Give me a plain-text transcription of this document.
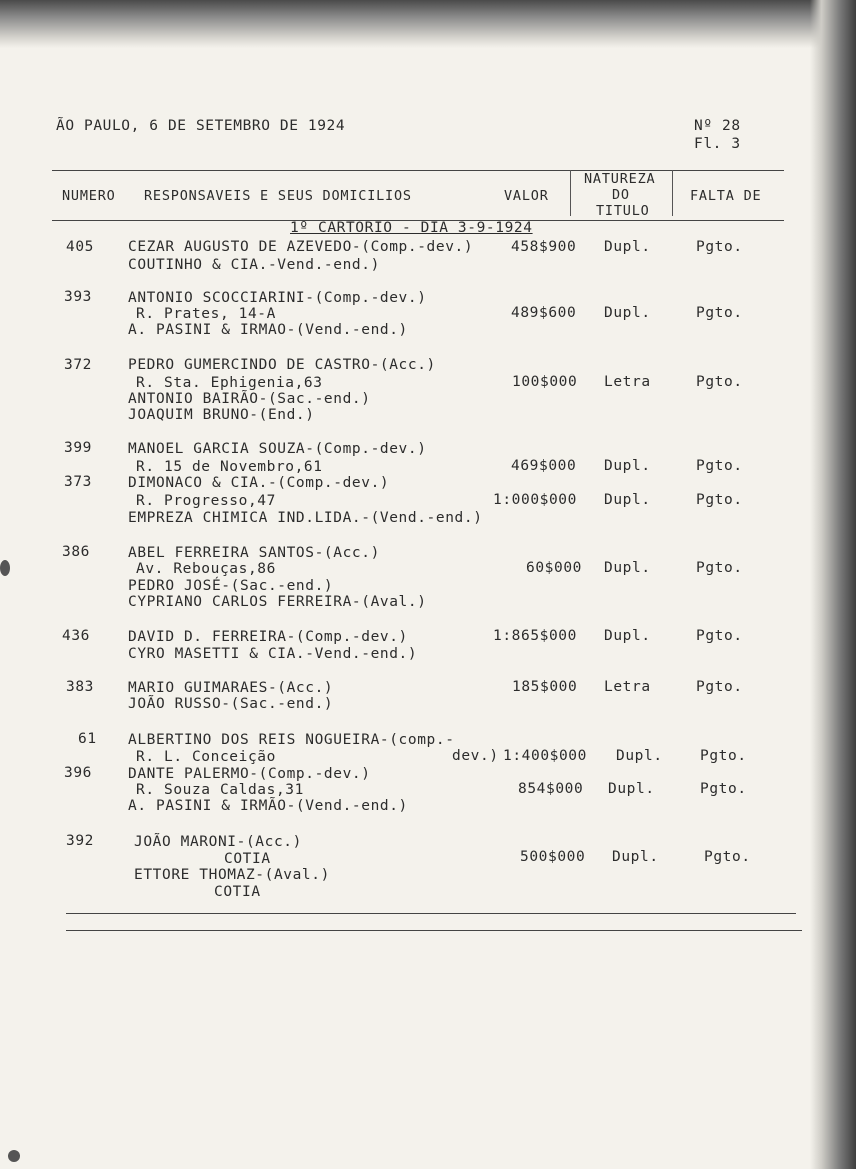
ÃO PAULO, 6 DE SETEMBRO DE 1924	Nº 28
Fl. 3
NUMERO RESPONSAVEIS E SEUS DOMICILIOS	VALOR
NATUREZA
DO
TITULO
FALTA DE
1º CARTORIO - DIA 3-9-1924
405 CEZAR AUGUSTO DE AZEVEDO-(Comp.-dev.)	458$900 Dupl.	Pgto.
COUTINHO & CIA.-Vend.-end.)
393 ANTONIO SCOCCIARINI-(Comp.-dev.)
R. Prates, 14-A	489$600 Dupl.	Pgto.
A. PASINI & IRMAO-(Vend.-end.)
372 PEDRO GUMERCINDO DE CASTRO-(Acc.)
R. Sta. Ephigenia,63	100$000 Letra	Pgto.
ANTONIO BAIRÃO-(Sac.-end.)
JOAQUIM BRUNO-(End.)
399 MANOEL GARCIA SOUZA-(Comp.-dev.)
R. 15 de Novembro,61	469$000 Dupl.	Pgto.
373 DIMONACO & CIA.-(Comp.-dev.)
R. Progresso,47	1:000$000 Dupl.	Pgto.
EMPREZA CHIMICA IND.LIDA.-(Vend.-end.)
386	ABEL FERREIRA SANTOS-(Acc.)
Av. Rebouças,86	60$000 Dupl.	Pgto.
PEDRO JOSÉ-(Sac.-end.)
CYPRIANO CARLOS FERREIRA-(Aval.)
436	DAVID D. FERREIRA-(Comp.-dev.)	1:865$000 Dupl.	Pgto.
CYRO MASETTI & CIA.-Vend.-end.)
383 MARIO GUIMARAES-(Acc.)	185$000 Letra	Pgto.
JOÃO RUSSO-(Sac.-end.)
61 ALBERTINO DOS REIS NOGUEIRA-(comp.-
R. L. Conceição	dev.) 1:400$000 Dupl.	Pgto.
396 DANTE PALERMO-(Comp.-dev.)
R. Souza Caldas,31	854$000 Dupl.	Pgto.
A. PASINI & IRMÃO-(Vend.-end.)
392	JOÃO MARONI-(Acc.)
COTIA	500$000 Dupl.	Pgto.
ETTORE THOMAZ-(Aval.)
COTIA
